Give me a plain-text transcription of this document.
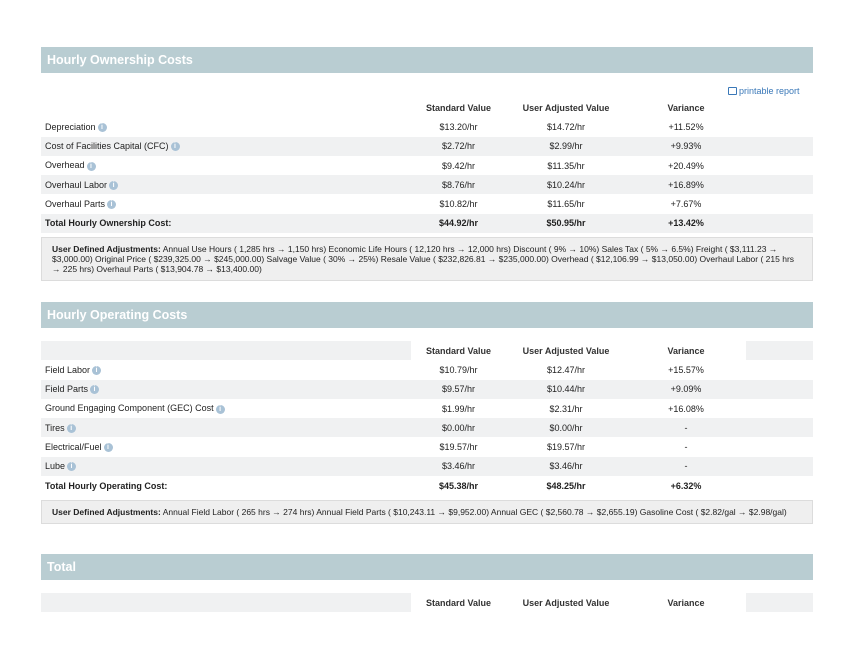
Hourly Ownership Costs
printable report
	Standard Value	User Adjusted Value	Variance	
Depreciation i	$13.20/hr	$14.72/hr	+11.52%	
Cost of Facilities Capital (CFC) i	$2.72/hr	$2.99/hr	+9.93%	
Overhead i	$9.42/hr	$11.35/hr	+20.49%	
Overhaul Labor i	$8.76/hr	$10.24/hr	+16.89%	
Overhaul Parts i	$10.82/hr	$11.65/hr	+7.67%	
Total Hourly Ownership Cost:	$44.92/hr	$50.95/hr	+13.42%	
User Defined Adjustments: Annual Use Hours ( 1,285 hrs → 1,150 hrs) Economic Life Hours ( 12,120 hrs → 12,000 hrs) Discount ( 9% → 10%) Sales Tax ( 5% → 6.5%) Freight ( $3,111.23 → $3,000.00) Original Price ( $239,325.00 → $245,000.00) Salvage Value ( 30% → 25%) Resale Value ( $232,826.81 → $235,000.00) Overhead ( $12,106.99 → $13,050.00) Overhaul Labor ( 215 hrs → 225 hrs) Overhaul Parts ( $13,904.78 → $13,400.00)
Hourly Operating Costs
	Standard Value	User Adjusted Value	Variance	
Field Labor i	$10.79/hr	$12.47/hr	+15.57%	
Field Parts i	$9.57/hr	$10.44/hr	+9.09%	
Ground Engaging Component (GEC) Cost i	$1.99/hr	$2.31/hr	+16.08%	
Tires i	$0.00/hr	$0.00/hr	-	
Electrical/Fuel i	$19.57/hr	$19.57/hr	-	
Lube i	$3.46/hr	$3.46/hr	-	
Total Hourly Operating Cost:	$45.38/hr	$48.25/hr	+6.32%	
User Defined Adjustments: Annual Field Labor ( 265 hrs → 274 hrs) Annual Field Parts ( $10,243.11 → $9,952.00) Annual GEC ( $2,560.78 → $2,655.19) Gasoline Cost ( $2.82/gal → $2.98/gal)
Total
	Standard Value	User Adjusted Value	Variance	
